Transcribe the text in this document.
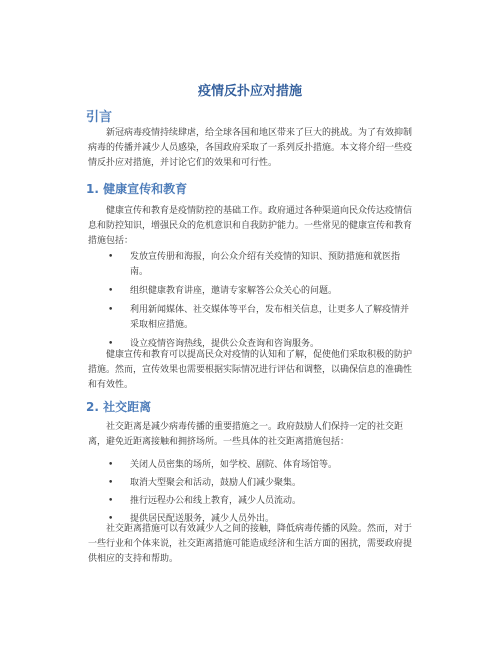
疫情反扑应对措施
引言

新冠病毒疫情持续肆虐，给全球各国和地区带来了巨大的挑战。为了有效抑制病毒的传播并减少人员感染，各国政府采取了一系列反扑措施。本文将介绍一些疫情反扑应对措施，并讨论它们的效果和可行性。

1. 健康宣传和教育

健康宣传和教育是疫情防控的基础工作。政府通过各种渠道向民众传达疫情信息和防控知识，增强民众的危机意识和自我防护能力。一些常见的健康宣传和教育措施包括：

• 发放宣传册和海报，向公众介绍有关疫情的知识、预防措施和就医指南。
• 组织健康教育讲座，邀请专家解答公众关心的问题。
• 利用新闻媒体、社交媒体等平台，发布相关信息，让更多人了解疫情并采取相应措施。
• 设立疫情咨询热线，提供公众查询和咨询服务。

健康宣传和教育可以提高民众对疫情的认知和了解，促使他们采取积极的防护措施。然而，宣传效果也需要根据实际情况进行评估和调整，以确保信息的准确性和有效性。

2. 社交距离

社交距离是减少病毒传播的重要措施之一。政府鼓励人们保持一定的社交距离，避免近距离接触和拥挤场所。一些具体的社交距离措施包括：

• 关闭人员密集的场所，如学校、剧院、体育场馆等。
• 取消大型聚会和活动，鼓励人们减少聚集。
• 推行远程办公和线上教育，减少人员流动。
• 提供居民配送服务，减少人员外出。

社交距离措施可以有效减少人之间的接触，降低病毒传播的风险。然而，对于一些行业和个体来说，社交距离措施可能造成经济和生活方面的困扰，需要政府提供相应的支持和帮助。
